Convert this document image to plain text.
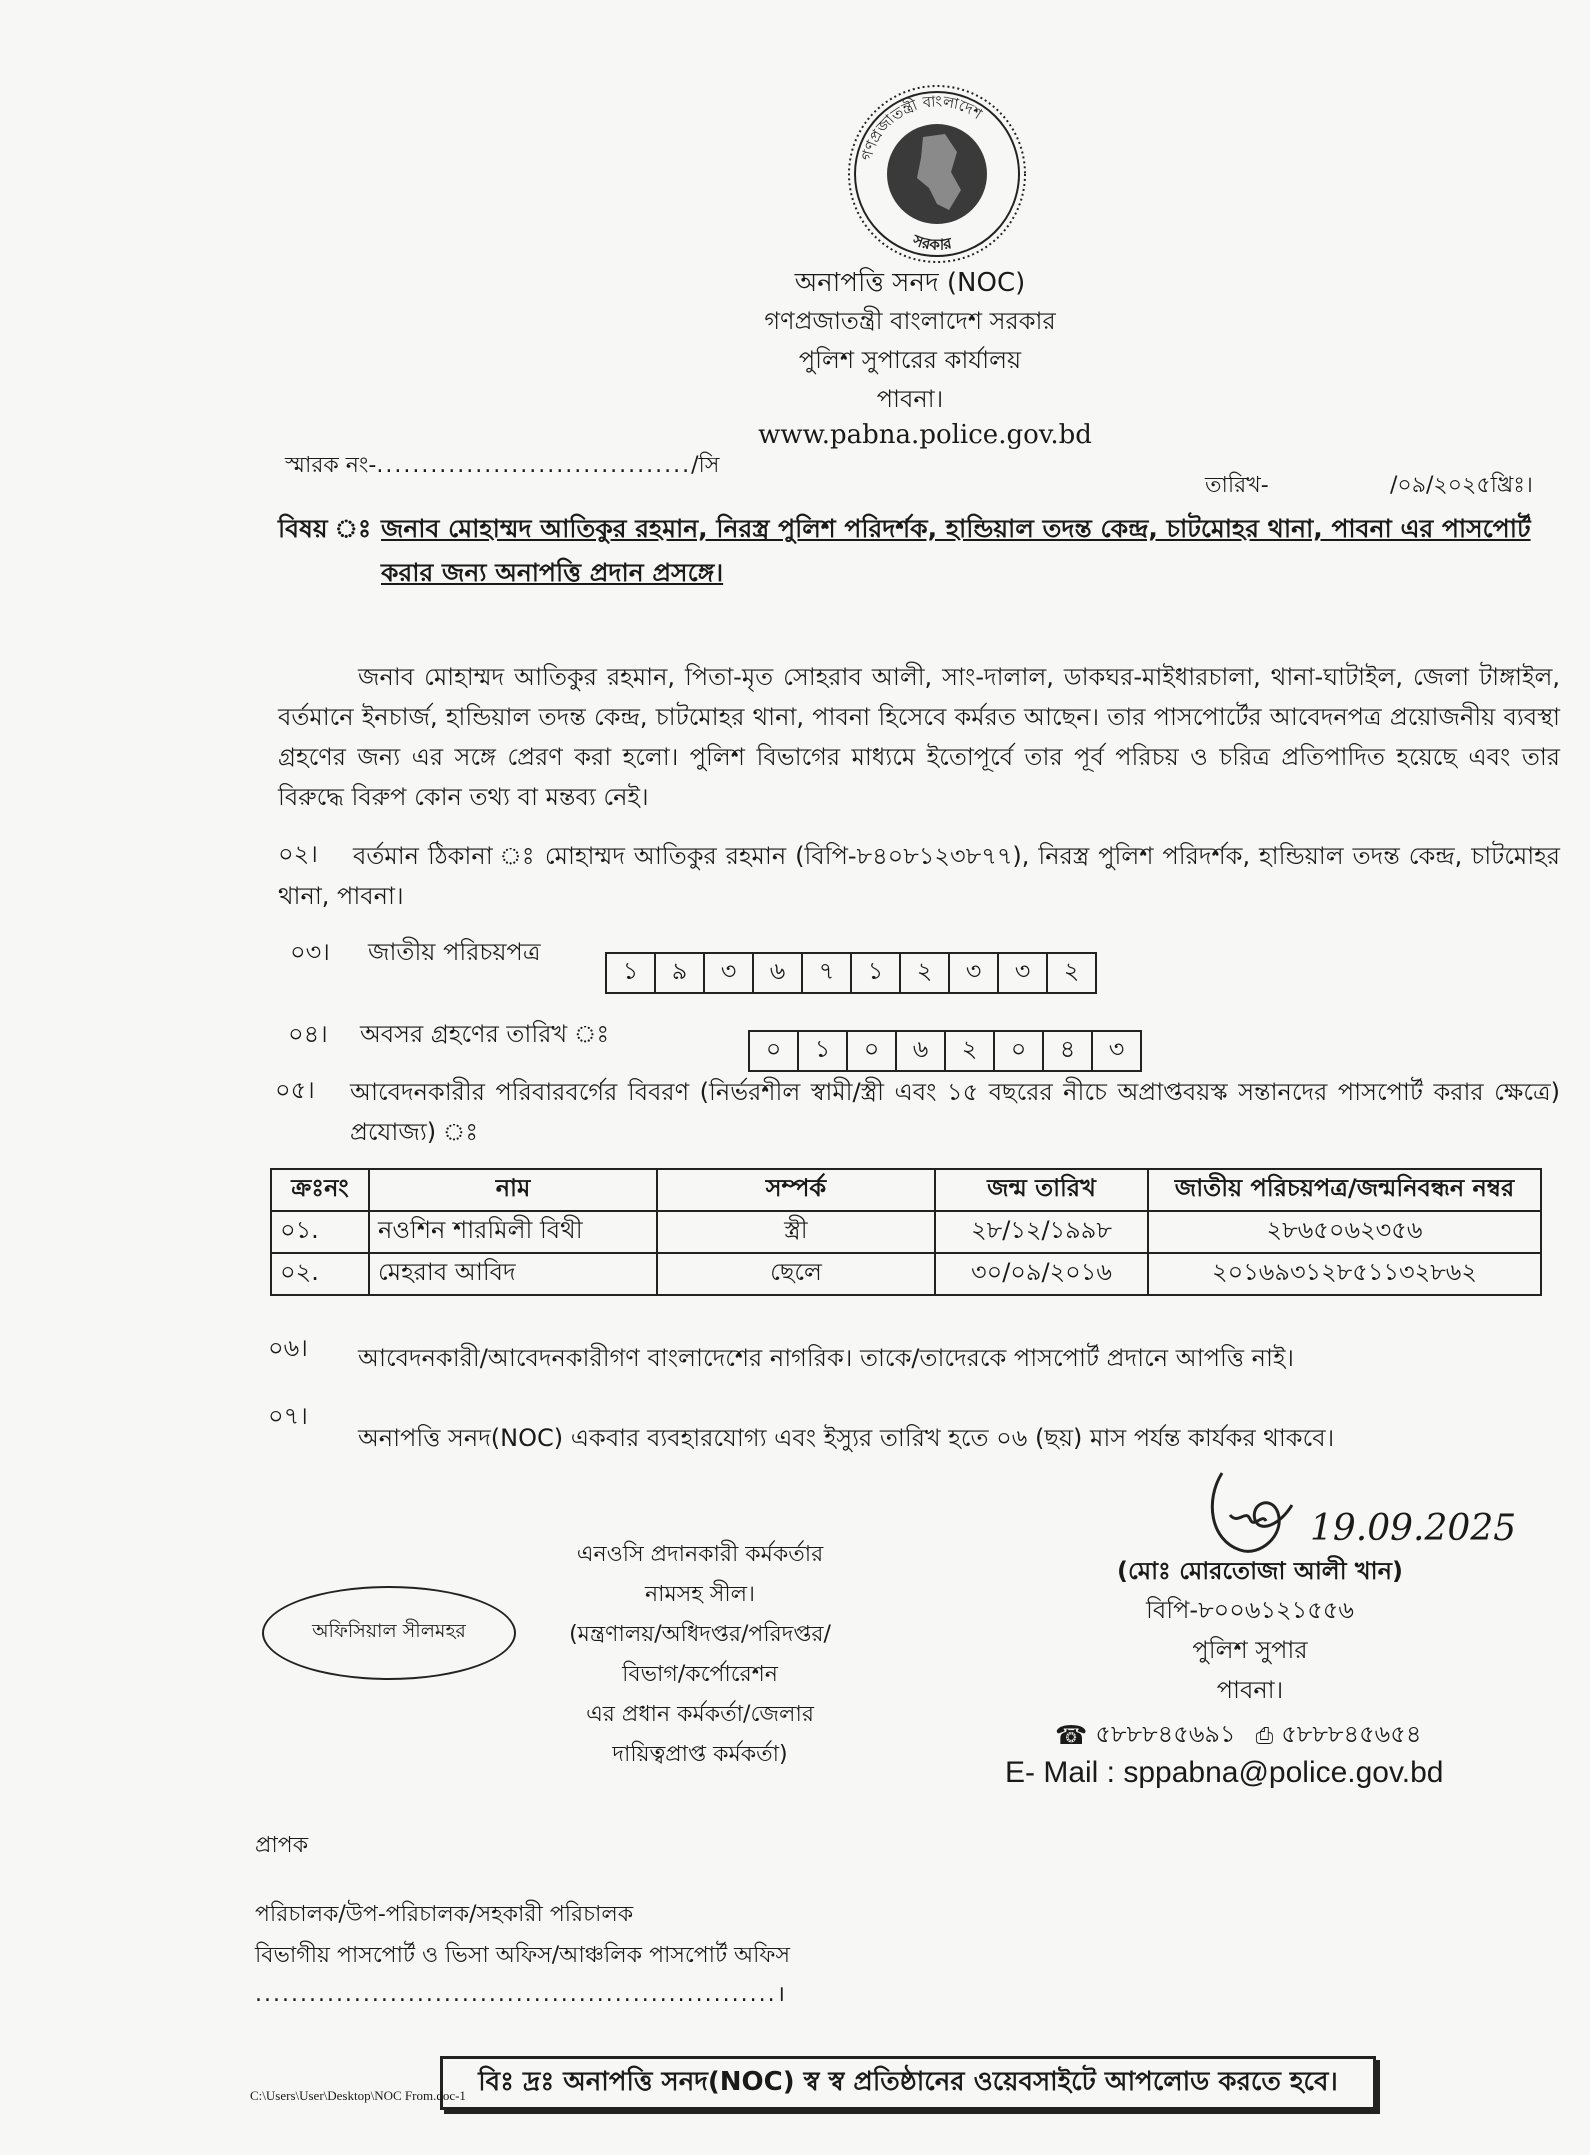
গণপ্রজাতন্ত্রী বাংলাদেশ
সরকার
অনাপত্তি সনদ (NOC)
গণপ্রজাতন্ত্রী বাংলাদেশ সরকার
পুলিশ সুপারের কার্যালয়
পাবনা।
www.pabna.police.gov.bd
স্মারক নং-.................................../সি
তারিখ-	/০৯/২০২৫খ্রিঃ।
বিষয় ঃ জনাব মোহাম্মদ আতিকুর রহমান, নিরস্ত্র পুলিশ পরিদর্শক, হান্ডিয়াল তদন্ত কেন্দ্র, চাটমোহর থানা, পাবনা এর পাসপোর্ট করার জন্য অনাপত্তি প্রদান প্রসঙ্গে।
জনাব মোহাম্মদ আতিকুর রহমান, পিতা-মৃত সোহরাব আলী, সাং-দালাল, ডাকঘর-মাইধারচালা, থানা-ঘাটাইল, জেলা টাঙ্গাইল, বর্তমানে ইনচার্জ, হান্ডিয়াল তদন্ত কেন্দ্র, চাটমোহর থানা, পাবনা হিসেবে কর্মরত আছেন। তার পাসপোর্টের আবেদনপত্র প্রয়োজনীয় ব্যবস্থা গ্রহণের জন্য এর সঙ্গে প্রেরণ করা হলো। পুলিশ বিভাগের মাধ্যমে ইতোপূর্বে তার পূর্ব পরিচয় ও চরিত্র প্রতিপাদিত হয়েছে এবং তার বিরুদ্ধে বিরুপ কোন তথ্য বা মন্তব্য নেই।
০২।	বর্তমান ঠিকানা ঃ মোহাম্মদ আতিকুর রহমান (বিপি-৮৪০৮১২৩৮৭৭), নিরস্ত্র পুলিশ পরিদর্শক, হান্ডিয়াল তদন্ত কেন্দ্র, চাটমোহর থানা, পাবনা।
০৩। জাতীয় পরিচয়পত্র
১	৯	৩	৬	৭	১	২	৩	৩	২
০৪। অবসর গ্রহণের তারিখ ঃ
০	১	০	৬	২	০	৪	৩
০৫। আবেদনকারীর পরিবারবর্গের বিবরণ (নির্ভরশীল স্বামী/স্ত্রী এবং ১৫ বছরের নীচে অপ্রাপ্তবয়স্ক সন্তানদের পাসপোর্ট করার ক্ষেত্রে) প্রযোজ্য) ঃ
ক্রঃনং	নাম	সম্পর্ক	জন্ম তারিখ	জাতীয় পরিচয়পত্র/জন্মনিবন্ধন নম্বর
০১.	নওশিন শারমিলী বিথী	স্ত্রী	২৮/১২/১৯৯৮	২৮৬৫০৬২৩৫৬
০২.	মেহরাব আবিদ	ছেলে	৩০/০৯/২০১৬	২০১৬৯৩১২৮৫১১৩২৮৬২
০৬। আবেদনকারী/আবেদনকারীগণ বাংলাদেশের নাগরিক। তাকে/তাদেরকে পাসপোর্ট প্রদানে আপত্তি নাই।
০৭।
অনাপত্তি সনদ(NOC) একবার ব্যবহারযোগ্য এবং ইস্যুর তারিখ হতে ০৬ (ছয়) মাস পর্যন্ত কার্যকর থাকবে।
এনওসি প্রদানকারী কর্মকর্তার
নামসহ সীল।
(মন্ত্রণালয়/অধিদপ্তর/পরিদপ্তর/
বিভাগ/কর্পোরেশন
এর প্রধান কর্মকর্তা/জেলার
দায়িত্বপ্রাপ্ত কর্মকর্তা)
অফিসিয়াল সীলমহর
19.09.2025
(মোঃ মোরতোজা আলী খান)
বিপি-৮০০৬১২১৫৫৬
পুলিশ সুপার
পাবনা।
☎ ৫৮৮৮৪৫৬৯১ ⎙ ৫৮৮৮৪৫৬৫৪
E- Mail : sppabna@police.gov.bd
প্রাপক
পরিচালক/উপ-পরিচালক/সহকারী পরিচালক
বিভাগীয় পাসপোর্ট ও ভিসা অফিস/আঞ্চলিক পাসপোর্ট অফিস
..........................................................।
বিঃ দ্রঃ অনাপত্তি সনদ(NOC) স্ব স্ব প্রতিষ্ঠানের ওয়েবসাইটে আপলোড করতে হবে।
C:\Users\User\Desktop\NOC From.doc-1
